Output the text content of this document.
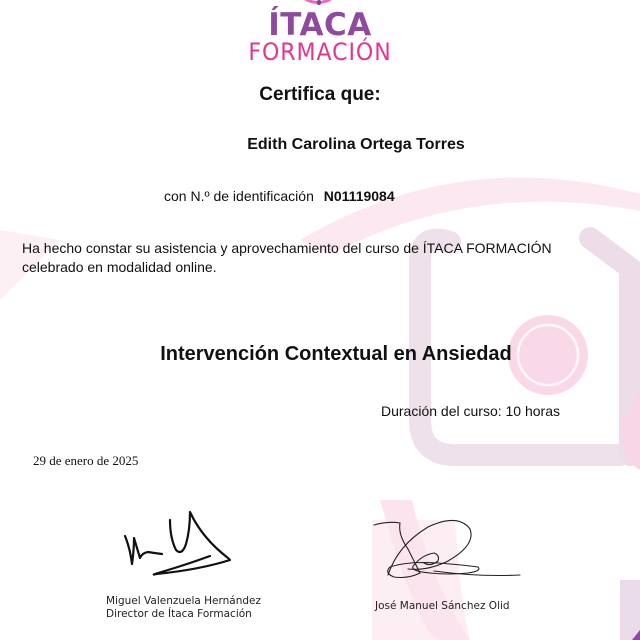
ÍTACA
FORMACIÓN
Certifica que:
Edith Carolina Ortega Torres
con N.º de identificación N01119084
Ha hecho constar su asistencia y aprovechamiento del curso de ÍTACA FORMACIÓN
celebrado en modalidad online.
Intervención Contextual en Ansiedad
Duración del curso: 10 horas
29 de enero de 2025
Miguel Valenzuela Hernández
Director de Ítaca Formación
José Manuel Sánchez Olid
